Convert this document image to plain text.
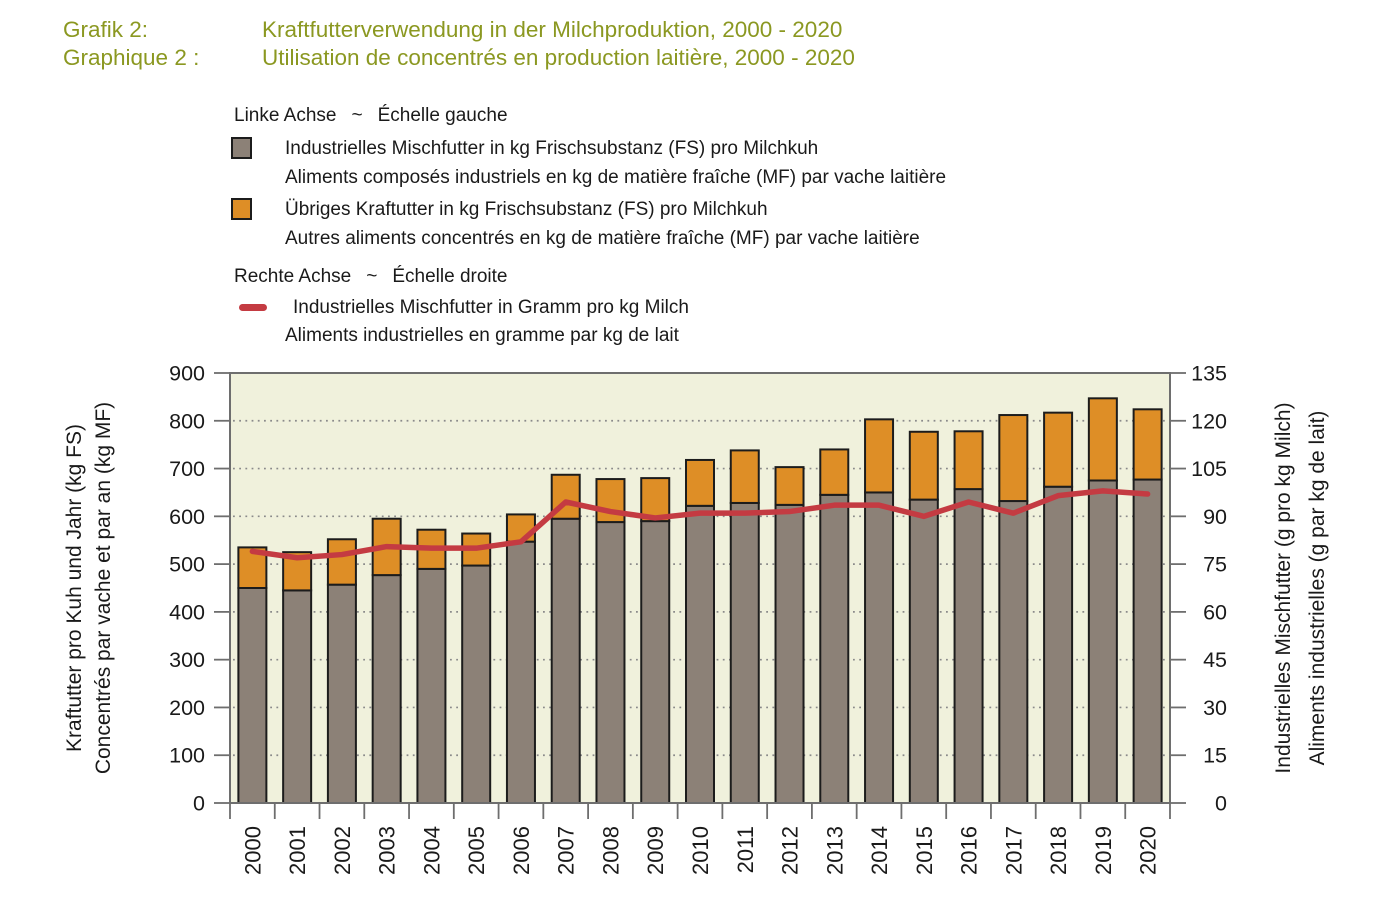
Grafik 2:	Kraftfutterverwendung in der Milchproduktion, 2000 - 2020
Graphique 2 :	Utilisation de concentrés en production laitière, 2000 - 2020
Linke Achse ~ Échelle gauche
Industrielles Mischfutter in kg Frischsubstanz (FS) pro Milchkuh
Aliments composés industriels en kg de matière fraîche (MF) par vache laitière
Übriges Kraftutter in kg Frischsubstanz (FS) pro Milchkuh
Autres aliments concentrés en kg de matière fraîche (MF) par vache laitière
Rechte Achse ~ Échelle droite
Industrielles Mischfutter in Gramm pro kg Milch
Aliments industrielles en gramme par kg de lait
0
100
200
300
400
500
600
700
800
900
0
15
30
45
60
75
90
105
120
135
2000 2001 2002 2003 2004 2005 2006 2007 2008 2009 2010 2011 2012 2013 2014 2015 2016 2017 2018 2019 2020
Kraftutter pro Kuh und Jahr (kg FS) Concentrés par vache et par an (kg MF)	Industrielles Mischfutter (g pro kg Milch) Aliments industrielles (g par kg de lait)
